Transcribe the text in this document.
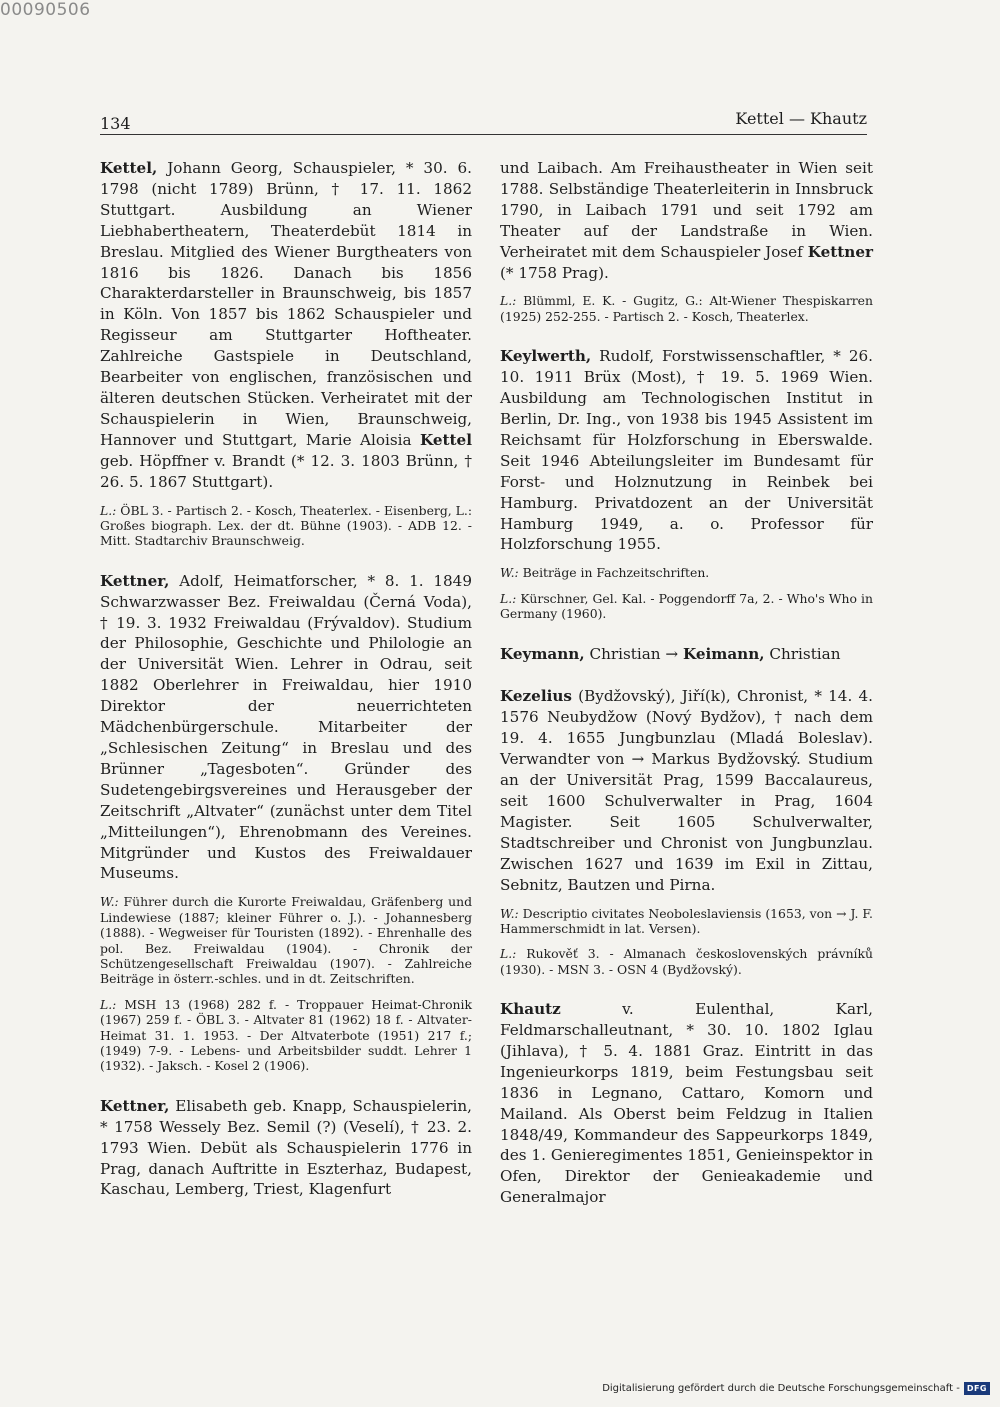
00090506
134	Kettel — Khautz
Kettel, Johann Georg, Schauspieler, * 30. 6. 1798 (nicht 1789) Brünn, † 17. 11. 1862 Stuttgart. Ausbildung an Wiener Liebhabertheatern, Theaterdebüt 1814 in Breslau. Mitglied des Wiener Burgtheaters von 1816 bis 1826. Danach bis 1856 Charakterdarsteller in Braunschweig, bis 1857 in Köln. Von 1857 bis 1862 Schauspieler und Regisseur am Stuttgarter Hoftheater. Zahlreiche Gastspiele in Deutschland, Bearbeiter von englischen, französischen und älteren deutschen Stücken. Verheiratet mit der Schauspielerin in Wien, Braunschweig, Hannover und Stuttgart, Marie Aloisia Kettel geb. Höpffner v. Brandt (* 12. 3. 1803 Brünn, † 26. 5. 1867 Stuttgart).
L.: ÖBL 3. - Partisch 2. - Kosch, Theaterlex. - Eisenberg, L.: Großes biograph. Lex. der dt. Bühne (1903). - ADB 12. - Mitt. Stadtarchiv Braunschweig.
Kettner, Adolf, Heimatforscher, * 8. 1. 1849 Schwarzwasser Bez. Freiwaldau (Černá Voda), † 19. 3. 1932 Freiwaldau (Frývaldov). Studium der Philosophie, Geschichte und Philologie an der Universität Wien. Lehrer in Odrau, seit 1882 Oberlehrer in Freiwaldau, hier 1910 Direktor der neuerrichteten Mädchenbürgerschule. Mitarbeiter der „Schlesischen Zeitung“ in Breslau und des Brünner „Tagesboten“. Gründer des Sudetengebirgsvereines und Herausgeber der Zeitschrift „Altvater“ (zunächst unter dem Titel „Mitteilungen“), Ehrenobmann des Vereines. Mitgründer und Kustos des Freiwaldauer Museums.
W.: Führer durch die Kurorte Freiwaldau, Gräfenberg und Lindewiese (1887; kleiner Führer o. J.). - Johannesberg (1888). - Wegweiser für Touristen (1892). - Ehrenhalle des pol. Bez. Freiwaldau (1904). - Chronik der Schützengesellschaft Freiwaldau (1907). - Zahlreiche Beiträge in österr.-schles. und in dt. Zeitschriften.
L.: MSH 13 (1968) 282 f. - Troppauer Heimat-Chronik (1967) 259 f. - ÖBL 3. - Altvater 81 (1962) 18 f. - Altvater-Heimat 31. 1. 1953. - Der Altvaterbote (1951) 217 f.; (1949) 7-9. - Lebens- und Arbeitsbilder suddt. Lehrer 1 (1932). - Jaksch. - Kosel 2 (1906).
Kettner, Elisabeth geb. Knapp, Schauspielerin, * 1758 Wessely Bez. Semil (?) (Veselí), † 23. 2. 1793 Wien. Debüt als Schauspielerin 1776 in Prag, danach Auftritte in Eszterhaz, Budapest, Kaschau, Lemberg, Triest, Klagenfurt
und Laibach. Am Freihaustheater in Wien seit 1788. Selbständige Theaterleiterin in Innsbruck 1790, in Laibach 1791 und seit 1792 am Theater auf der Landstraße in Wien. Verheiratet mit dem Schauspieler Josef Kettner (* 1758 Prag).
L.: Blümml, E. K. - Gugitz, G.: Alt-Wiener Thespiskarren (1925) 252-255. - Partisch 2. - Kosch, Theaterlex.
Keylwerth, Rudolf, Forstwissenschaftler, * 26. 10. 1911 Brüx (Most), † 19. 5. 1969 Wien. Ausbildung am Technologischen Institut in Berlin, Dr. Ing., von 1938 bis 1945 Assistent im Reichsamt für Holzforschung in Eberswalde. Seit 1946 Abteilungsleiter im Bundesamt für Forst- und Holznutzung in Reinbek bei Hamburg. Privatdozent an der Universität Hamburg 1949, a. o. Professor für Holzforschung 1955.
W.: Beiträge in Fachzeitschriften.
L.: Kürschner, Gel. Kal. - Poggendorff 7a, 2. - Who's Who in Germany (1960).
Keymann, Christian → Keimann, Christian
Kezelius (Bydžovský), Jiří(k), Chronist, * 14. 4. 1576 Neubydžow (Nový Bydžov), † nach dem 19. 4. 1655 Jungbunzlau (Mladá Boleslav). Verwandter von → Markus Bydžovský. Studium an der Universität Prag, 1599 Baccalaureus, seit 1600 Schulverwalter in Prag, 1604 Magister. Seit 1605 Schulverwalter, Stadtschreiber und Chronist von Jungbunzlau. Zwischen 1627 und 1639 im Exil in Zittau, Sebnitz, Bautzen und Pirna.
W.: Descriptio civitates Neoboleslaviensis (1653, von → J. F. Hammerschmidt in lat. Versen).
L.: Rukověť 3. - Almanach československých právníků (1930). - MSN 3. - OSN 4 (Bydžovský).
Khautz v. Eulenthal, Karl, Feldmarschalleutnant, * 30. 10. 1802 Iglau (Jihlava), † 5. 4. 1881 Graz. Eintritt in das Ingenieurkorps 1819, beim Festungsbau seit 1836 in Legnano, Cattaro, Komorn und Mailand. Als Oberst beim Feldzug in Italien 1848/49, Kommandeur des Sappeurkorps 1849, des 1. Genieregimentes 1851, Genieinspektor in Ofen, Direktor der Genieakademie und Generalmajor
Digitalisierung gefördert durch die Deutsche Forschungsgemeinschaft - DFG
